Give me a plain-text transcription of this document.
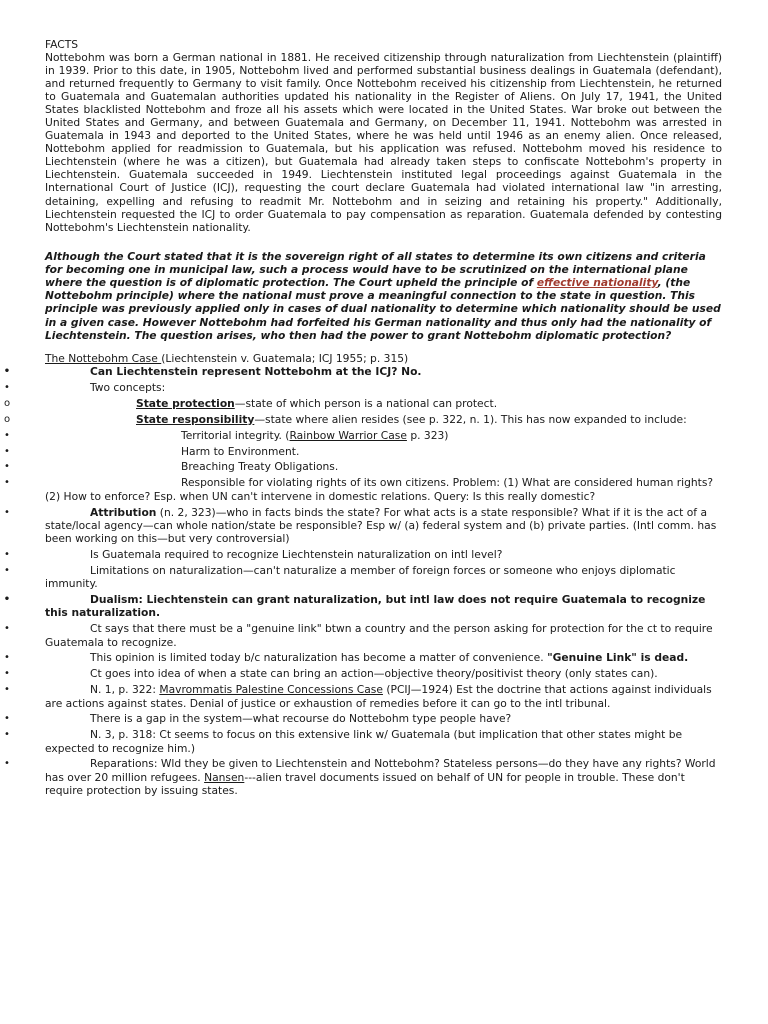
FACTS
Nottebohm was born a German national in 1881. He received citizenship through naturalization from Liechtenstein (plaintiff) in 1939. Prior to this date, in 1905, Nottebohm lived and performed substantial business dealings in Guatemala (defendant), and returned frequently to Germany to visit family. Once Nottebohm received his citizenship from Liechtenstein, he returned to Guatemala and Guatemalan authorities updated his nationality in the Register of Aliens. On July 17, 1941, the United States blacklisted Nottebohm and froze all his assets which were located in the United States. War broke out between the United States and Germany, and between Guatemala and Germany, on December 11, 1941. Nottebohm was arrested in Guatemala in 1943 and deported to the United States, where he was held until 1946 as an enemy alien. Once released, Nottebohm applied for readmission to Guatemala, but his application was refused. Nottebohm moved his residence to Liechtenstein (where he was a citizen), but Guatemala had already taken steps to confiscate Nottebohm's property in Liechtenstein. Guatemala succeeded in 1949. Liechtenstein instituted legal proceedings against Guatemala in the International Court of Justice (ICJ), requesting the court declare Guatemala had violated international law "in arresting, detaining, expelling and refusing to readmit Mr. Nottebohm and in seizing and retaining his property." Additionally, Liechtenstein requested the ICJ to order Guatemala to pay compensation as reparation. Guatemala defended by contesting Nottebohm's Liechtenstein nationality.
Although the Court stated that it is the sovereign right of all states to determine its own citizens and criteria for becoming one in municipal law, such a process would have to be scrutinized on the international plane where the question is of diplomatic protection. The Court upheld the principle of effective nationality, (the Nottebohm principle) where the national must prove a meaningful connection to the state in question. This principle was previously applied only in cases of dual nationality to determine which nationality should be used in a given case. However Nottebohm had forfeited his German nationality and thus only had the nationality of Liechtenstein. The question arises, who then had the power to grant Nottebohm diplomatic protection?
The Nottebohm Case (Liechtenstein v. Guatemala; ICJ 1955; p. 315)
•	Can Liechtenstein represent Nottebohm at the ICJ? No.
•	Two concepts:
o	State protection—state of which person is a national can protect.
o	State responsibility—state where alien resides (see p. 322, n. 1). This has now expanded to include:
•	Territorial integrity. (Rainbow Warrior Case p. 323)
•	Harm to Environment.
•	Breaching Treaty Obligations.
•	Responsible for violating rights of its own citizens. Problem: (1) What are considered human rights? (2) How to enforce? Esp. when UN can't intervene in domestic relations. Query: Is this really domestic?
•	Attribution (n. 2, 323)—who in facts binds the state? For what acts is a state responsible? What if it is the act of a state/local agency—can whole nation/state be responsible? Esp w/ (a) federal system and (b) private parties. (Intl comm. has been working on this—but very controversial)
•	Is Guatemala required to recognize Liechtenstein naturalization on intl level?
•	Limitations on naturalization—can't naturalize a member of foreign forces or someone who enjoys diplomatic immunity.
•	Dualism: Liechtenstein can grant naturalization, but intl law does not require Guatemala to recognize this naturalization.
•	Ct says that there must be a "genuine link" btwn a country and the person asking for protection for the ct to require Guatemala to recognize.
•	This opinion is limited today b/c naturalization has become a matter of convenience. "Genuine Link" is dead.
•	Ct goes into idea of when a state can bring an action—objective theory/positivist theory (only states can).
•	N. 1, p. 322: Mavrommatis Palestine Concessions Case (PCIJ—1924) Est the doctrine that actions against individuals are actions against states. Denial of justice or exhaustion of remedies before it can go to the intl tribunal.
•	There is a gap in the system—what recourse do Nottebohm type people have?
•	N. 3, p. 318: Ct seems to focus on this extensive link w/ Guatemala (but implication that other states might be expected to recognize him.)
•	Reparations: Wld they be given to Liechtenstein and Nottebohm? Stateless persons—do they have any rights? World has over 20 million refugees. Nansen---alien travel documents issued on behalf of UN for people in trouble. These don't require protection by issuing states.
